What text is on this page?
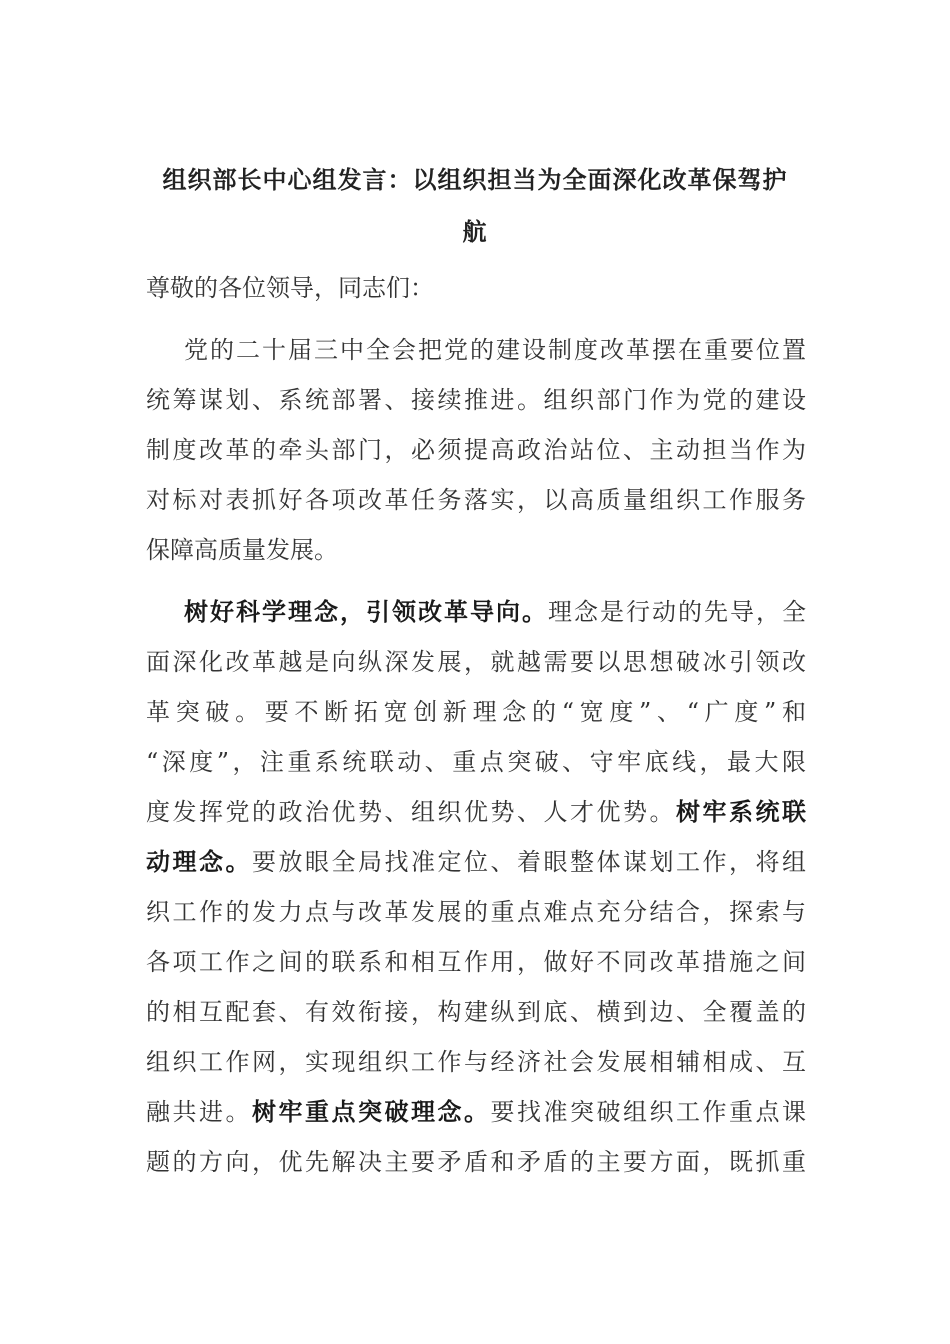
组织部长中心组发言：以组织担当为全面深化改革保驾护
航
尊敬的各位领导，同志们：
党的二十届三中全会把党的建设制度改革摆在重要位置
统筹谋划、系统部署、接续推进。组织部门作为党的建设
制度改革的牵头部门，必须提高政治站位、主动担当作为
对标对表抓好各项改革任务落实，以高质量组织工作服务
保障高质量发展。
树好科学理念，引领改革导向。理念是行动的先导，全
面深化改革越是向纵深发展，就越需要以思想破冰引领改
革突破。要不断拓宽创新理念的“宽度”、“广度”和
“深度”，注重系统联动、重点突破、守牢底线，最大限
度发挥党的政治优势、组织优势、人才优势。树牢系统联
动理念。要放眼全局找准定位、着眼整体谋划工作，将组
织工作的发力点与改革发展的重点难点充分结合，探索与
各项工作之间的联系和相互作用，做好不同改革措施之间
的相互配套、有效衔接，构建纵到底、横到边、全覆盖的
组织工作网，实现组织工作与经济社会发展相辅相成、互
融共进。树牢重点突破理念。要找准突破组织工作重点课
题的方向，优先解决主要矛盾和矛盾的主要方面，既抓重
